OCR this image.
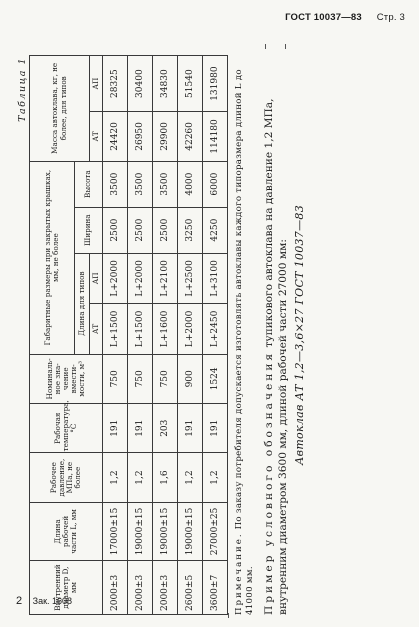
ГОСТ 10037—83 Стр. 3
Таблица 1
Внутренний диаметр D, мм	Длина рабочей части L, мм	Рабочее давление, МПа, не более	Рабочая температура, °С	Номиналь-ное зна-чение вмести-мости, м³	Габаритные размеры при закрытых крышках, мм, не более				Масса автоклава, кг, не более, для типов	
					Длина для типов		Ширина	Высота		
					АТ	АП			АТ	АП
2000±3	17000±15	1,2	191	750	L+1500	L+2000	2500	3500	24420	28325
2000±3	19000±15	1,2	191	750	L+1500	L+2000	2500	3500	26950	30400
2000±3	19000±15	1,6	203	750	L+1600	L+2100	2500	3500	29900	34830
2600±5	19000±15	1,2	191	900	L+2000	L+2500	3250	4000	42260	51540
3600±7	27000±25	1,2	191	1524	L+2450	L+3100	4250	6000	114180	131980
Примечание. По заказу потребителя допускается изготовлять автоклавы каждого типоразмера длиной L до 41000 мм. Пример условного обозначения тупикового автоклава на давление 1,2 МПа, внутренним диаметром 3600 мм, длиной рабочей части 27000 мм: Автоклав АТ 1,2—3,6×27 ГОСТ 10037—83
2 Зак. 1608
